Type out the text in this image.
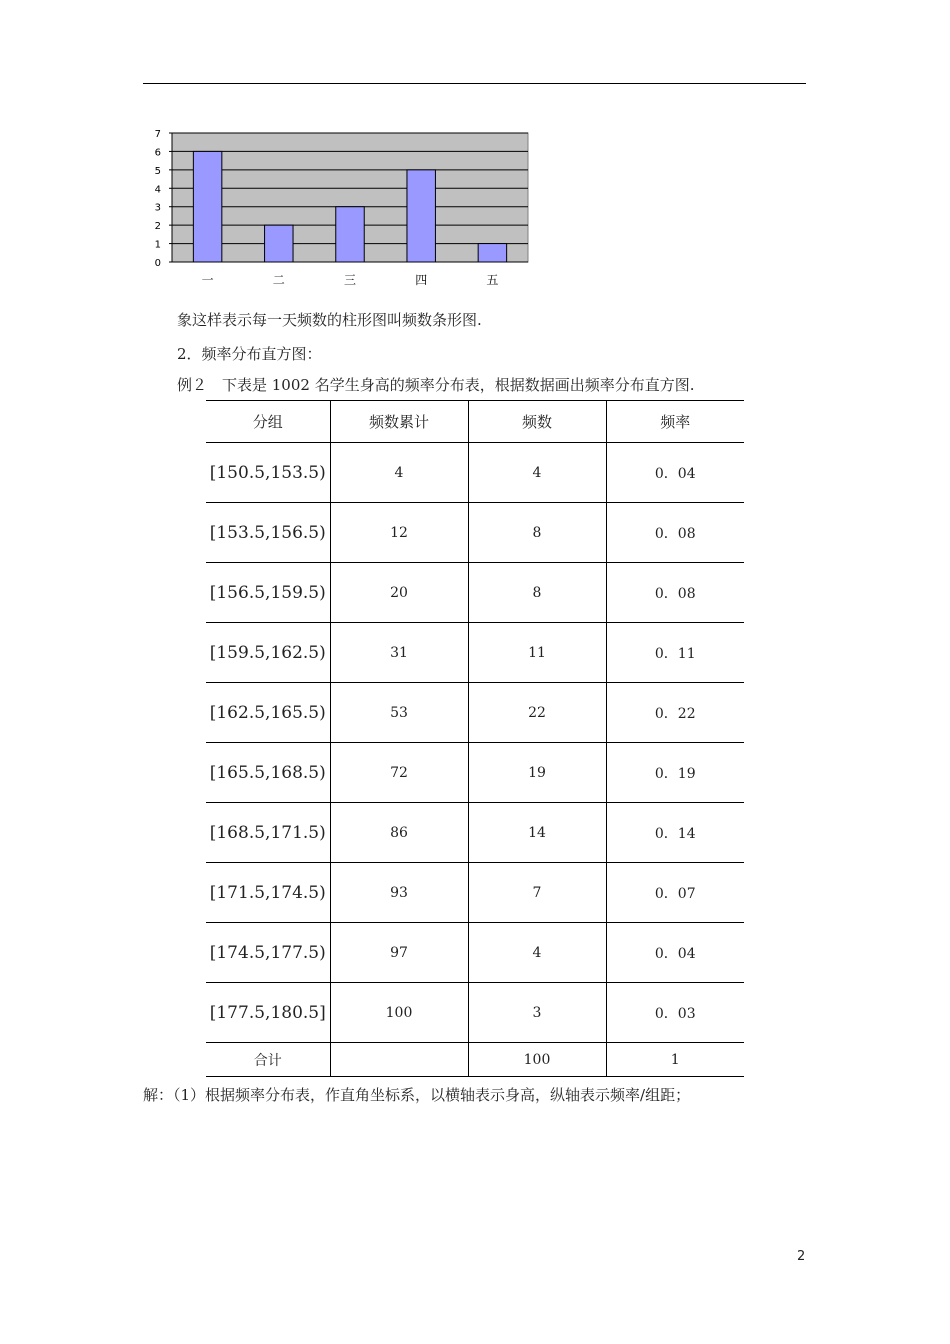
0
1
2
3
4
5
6
7
一	二	三	四	五
象这样表示每一天频数的柱形图叫频数条形图.
2．频率分布直方图：
例２　下表是 1002 名学生身高的频率分布表，根据数据画出频率分布直方图.
分组	频数累计	频数	频率
[150.5,153.5)	4	4	0．04
[153.5,156.5)	12	8	0．08
[156.5,159.5)	20	8	0．08
[159.5,162.5)	31	11	0．11
[162.5,165.5)	53	22	0．22
[165.5,168.5)	72	19	0．19
[168.5,171.5)	86	14	0．14
[171.5,174.5)	93	7	0．07
[174.5,177.5)	97	4	0．04
[177.5,180.5]	100	3	0．03
合计		100	1
解：（1）根据频率分布表，作直角坐标系，以横轴表示身高，纵轴表示频率/组距；
2
